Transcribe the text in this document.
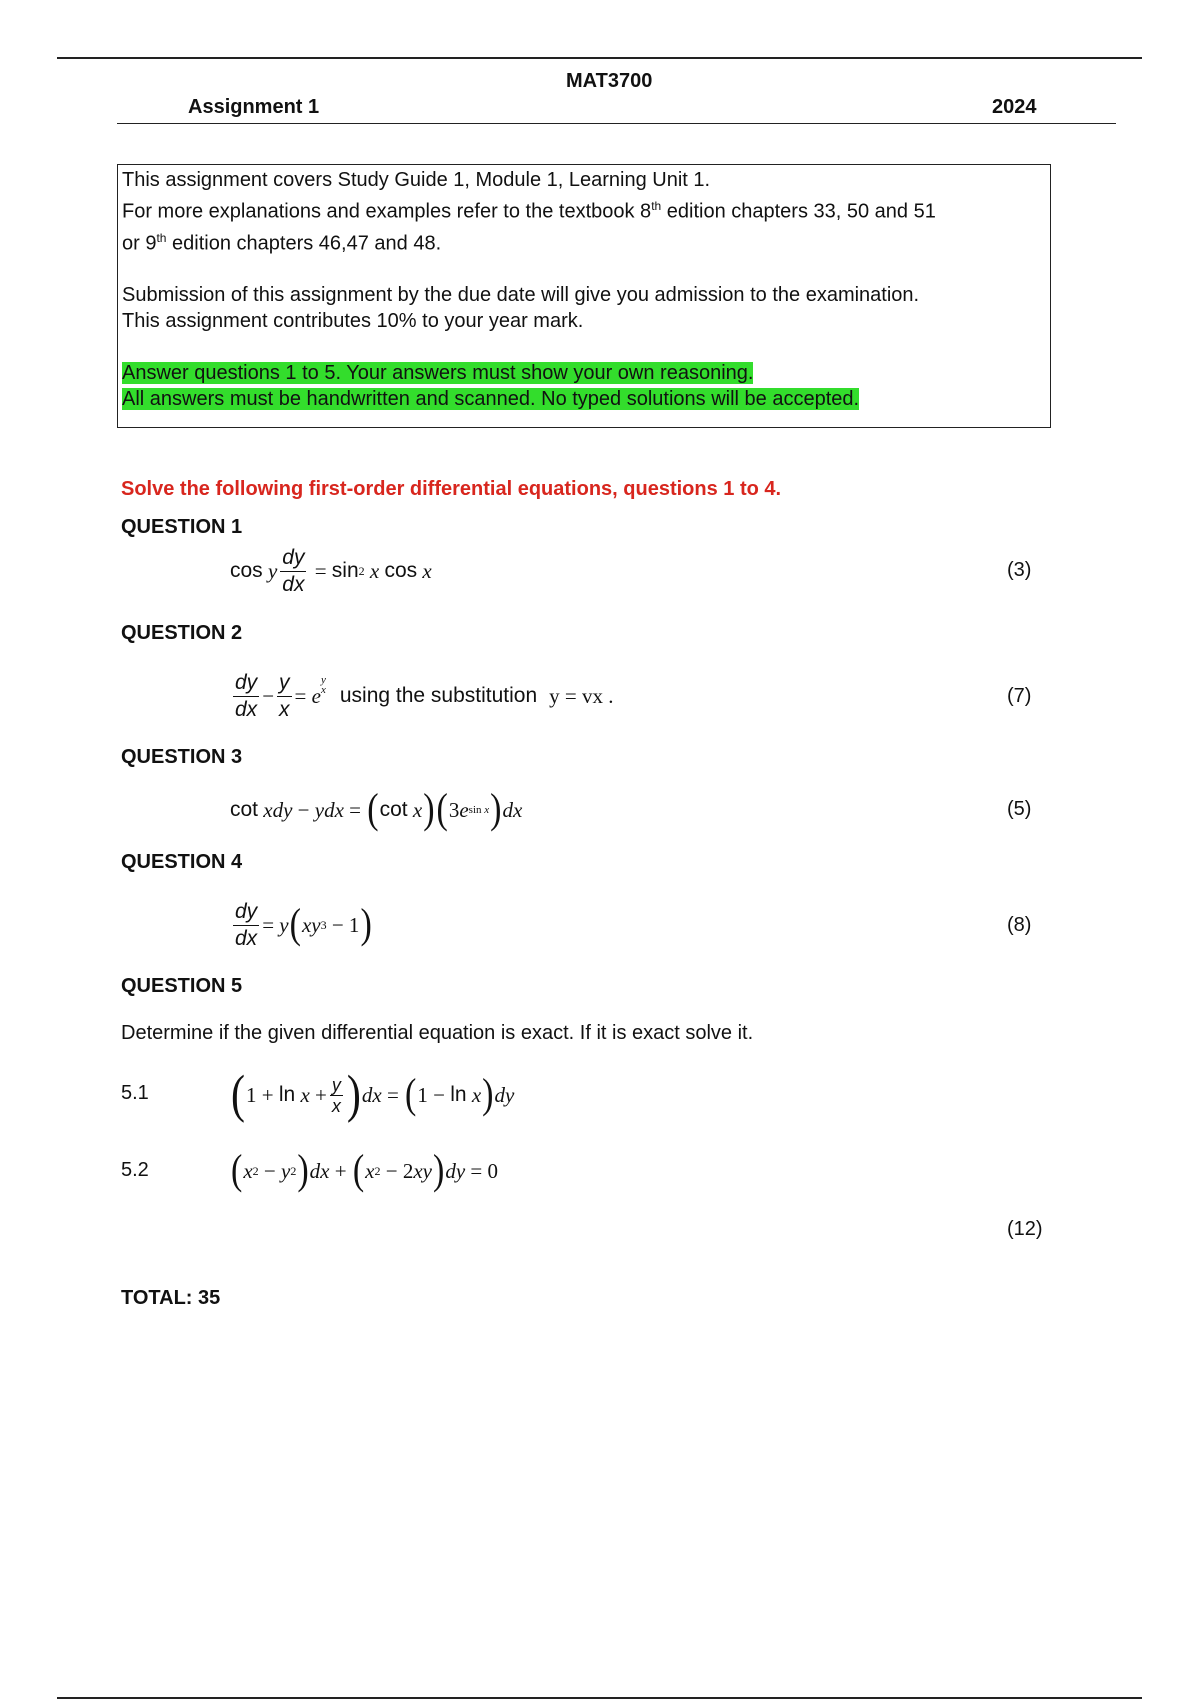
MAT3700
Assignment 1	2024

This assignment covers Study Guide 1, Module 1, Learning Unit 1.

For more explanations and examples refer to the textbook 8th edition chapters 33, 50 and 51

or 9th edition chapters 46,47 and 48.

Submission of this assignment by the due date will give you admission to the examination.

This assignment contributes 10% to your year mark.

Answer questions 1 to 5. Your answers must show your own reasoning.

All answers must be handwritten and scanned. No typed solutions will be accepted.

Solve the following first-order differential equations, questions 1 to 4.
QUESTION 1
cos
y $\frac{dy}{dx} = \sin 2$
x
cos
x	(3)
QUESTION 2
$\frac{dy}{dx} - \frac{y}{x} = e$
y
x using the substitution y = vx .	(7)
QUESTION 3
cot
xdy − ydx = ( cot
x ) ( 3 e sin x ) dx	(5)
QUESTION 4
$\frac{dy}{dx} = y$ ( xy 3 − 1 )	(8)
QUESTION 5
Determine if the given differential equation is exact. If it is exact solve it.
5.1 ( 1 + ln
$x + \frac{y}{x}$ ) dx = ( 1 − ln
x ) dy
5.2 ( x 2 − y 2 ) dx + ( x 2 − 2 xy ) dy = 0
(12)
TOTAL: 35
